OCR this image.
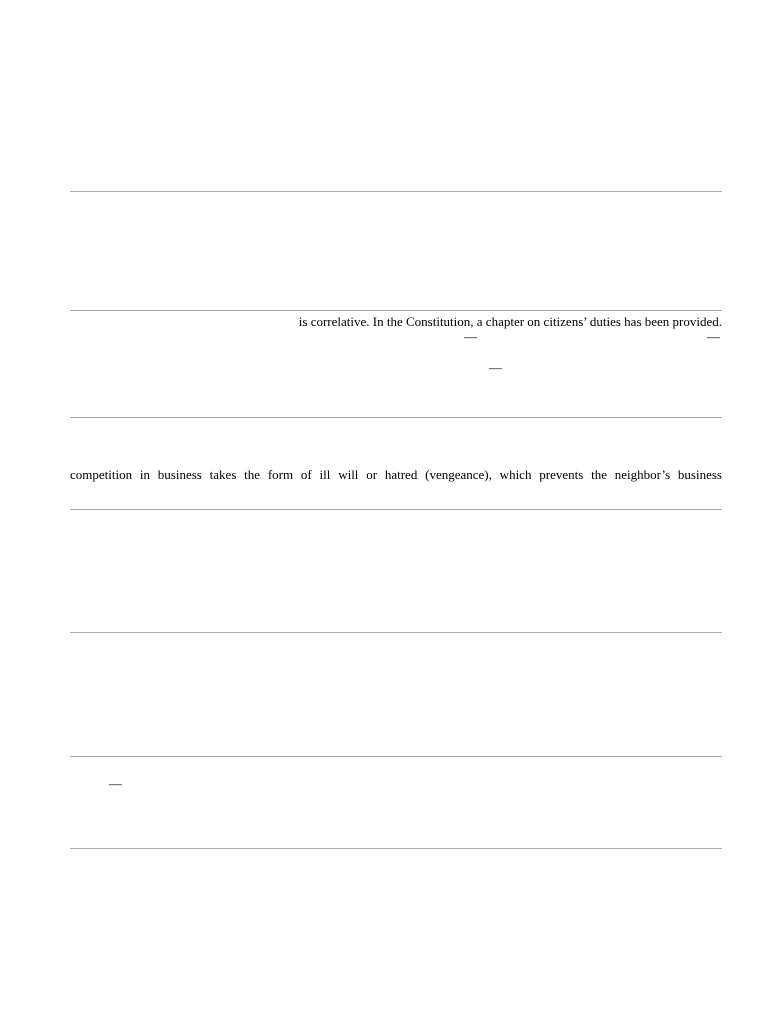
is correlative. In the Constitution, a chapter on citizens’ duties has been provided.
—	—
—
competition in business takes the form of ill will or hatred (vengeance), which prevents the neighbor’s business
—
